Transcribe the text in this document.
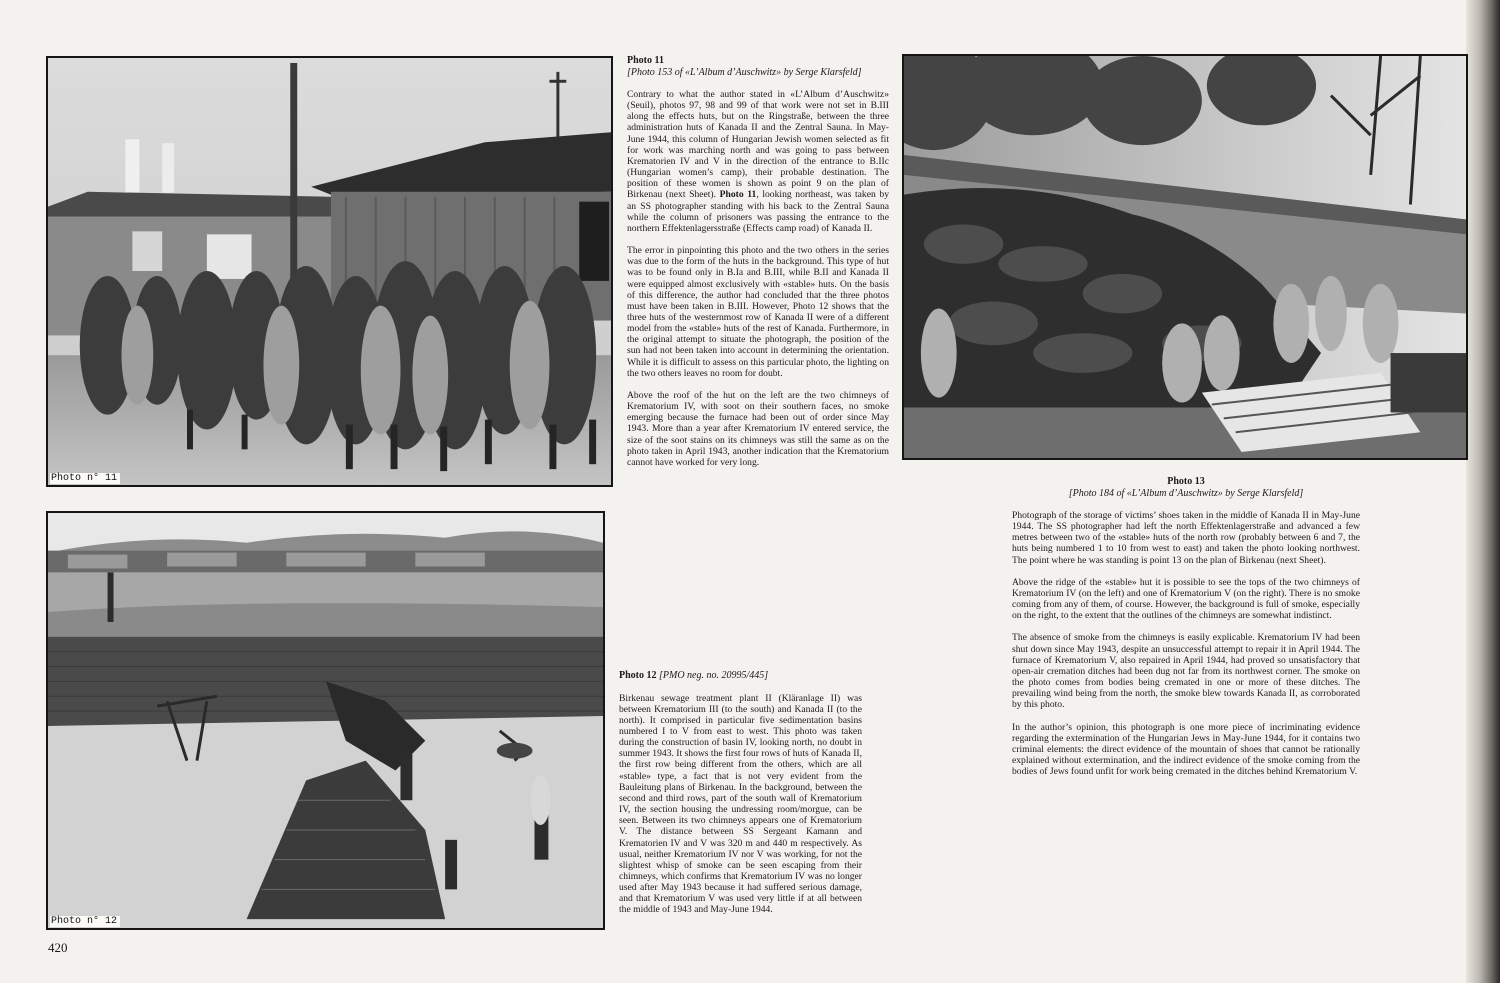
Photo n° 11
Photo 11
[Photo 153 of «L’Album d’Auschwitz» by Serge Klarsfeld]

Contrary to what the author stated in «L’Album d’Auschwitz» (Seuil), photos 97, 98 and 99 of that work were not set in B.III along the effects huts, but on the Ringstraße, between the three administration huts of Kanada II and the Zentral Sauna. In May-June 1944, this column of Hungarian Jewish women selected as fit for work was marching north and was going to pass between Krematorien IV and V in the direction of the entrance to B.IIc (Hungarian women’s camp), their probable destination. The position of these women is shown as point 9 on the plan of Birkenau (next Sheet). Photo 11, looking northeast, was taken by an SS photographer standing with his back to the Zentral Sauna while the column of prisoners was passing the entrance to the northern Effektenlagersstraße (Effects camp road) of Kanada II.

The error in pinpointing this photo and the two others in the series was due to the form of the huts in the background. This type of hut was to be found only in B.Ia and B.III, while B.II and Kanada II were equipped almost exclusively with «stable» huts. On the basis of this difference, the author had concluded that the three photos must have been taken in B.III. However, Photo 12 shows that the three huts of the westernmost row of Kanada II were of a different model from the «stable» huts of the rest of Kanada. Furthermore, in the original attempt to situate the photograph, the position of the sun had not been taken into account in determining the orientation. While it is difficult to assess on this particular photo, the lighting on the two others leaves no room for doubt.

Above the roof of the hut on the left are the two chimneys of Krematorium IV, with soot on their southern faces, no smoke emerging because the furnace had been out of order since May 1943. More than a year after Krematorium IV entered service, the size of the soot stains on its chimneys was still the same as on the photo taken in April 1943, another indication that the Krematorium cannot have worked for very long.

Photo 13
[Photo 184 of «L’Album d’Auschwitz» by Serge Klarsfeld]

Photograph of the storage of victims’ shoes taken in the middle of Kanada II in May-June 1944. The SS photographer had left the north Effektenlagerstraße and advanced a few metres between two of the «stable» huts of the north row (probably between 6 and 7, the huts being numbered 1 to 10 from west to east) and taken the photo looking northwest. The point where he was standing is point 13 on the plan of Birkenau (next Sheet).

Above the ridge of the «stable» hut it is possible to see the tops of the two chimneys of Krematorium IV (on the left) and one of Krematorium V (on the right). There is no smoke coming from any of them, of course. However, the background is full of smoke, especially on the right, to the extent that the outlines of the chimneys are somewhat indistinct.

The absence of smoke from the chimneys is easily explicable. Krematorium IV had been shut down since May 1943, despite an unsuccessful attempt to repair it in April 1944. The furnace of Krematorium V, also repaired in April 1944, had proved so unsatisfactory that open-air cremation ditches had been dug not far from its northwest corner. The smoke on the photo comes from bodies being cremated in one or more of these ditches. The prevailing wind being from the north, the smoke blew towards Kanada II, as corroborated by this photo.

In the author’s opinion, this photograph is one more piece of incriminating evidence regarding the extermination of the Hungarian Jews in May-June 1944, for it contains two criminal elements: the direct evidence of the mountain of shoes that cannot be rationally explained without extermination, and the indirect evidence of the smoke coming from the bodies of Jews found unfit for work being cremated in the ditches behind Krematorium V.

Photo n° 12
Photo 12 [PMO neg. no. 20995/445]

Birkenau sewage treatment plant II (Kläranlage II) was between Krematorium III (to the south) and Kanada II (to the north). It comprised in particular five sedimentation basins numbered I to V from east to west. This photo was taken during the construction of basin IV, looking north, no doubt in summer 1943. It shows the first four rows of huts of Kanada II, the first row being different from the others, which are all «stable» type, a fact that is not very evident from the Bauleitung plans of Birkenau. In the background, between the second and third rows, part of the south wall of Krematorium IV, the section housing the undressing room/morgue, can be seen. Between its two chimneys appears one of Krematorium V. The distance between SS Sergeant Kamann and Krematorien IV and V was 320 m and 440 m respectively. As usual, neither Krematorium IV nor V was working, for not the slightest whisp of smoke can be seen escaping from their chimneys, which confirms that Krematorium IV was no longer used after May 1943 because it had suffered serious damage, and that Krematorium V was used very little if at all between the middle of 1943 and May-June 1944.

420
